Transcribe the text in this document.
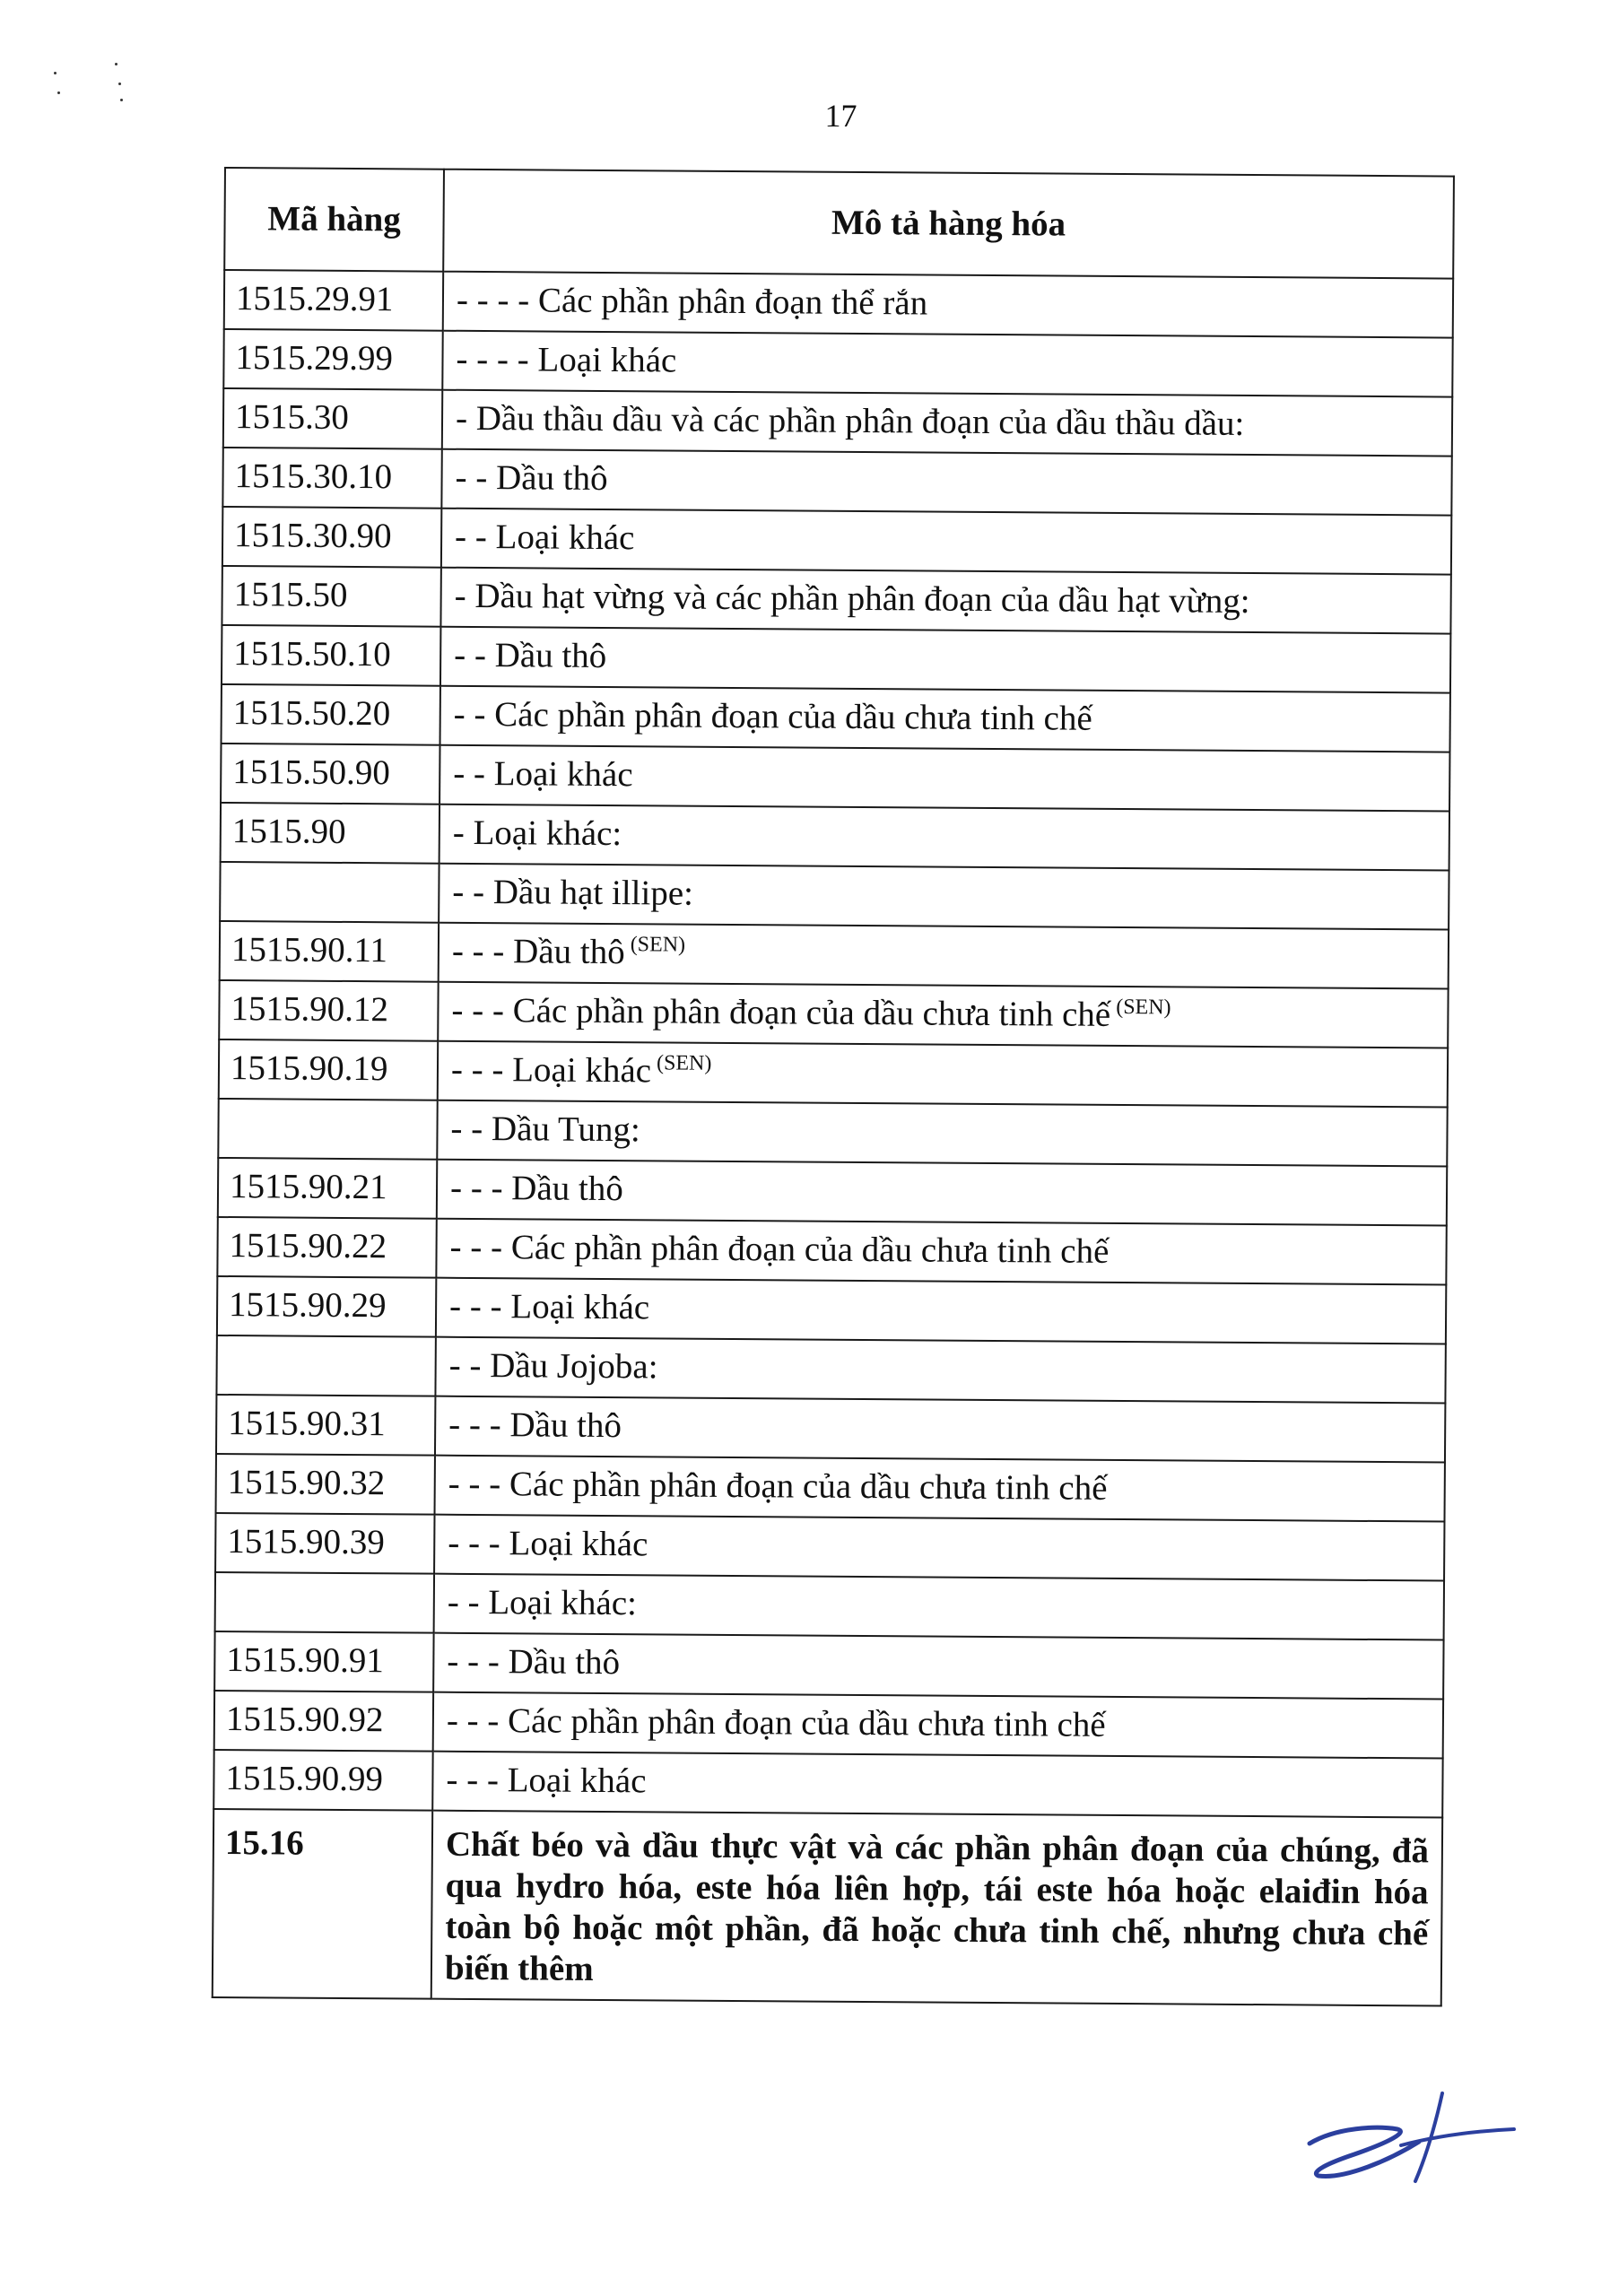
17
Mã hàng	Mô tả hàng hóa
1515.29.91	- - - - Các phần phân đoạn thể rắn
1515.29.99	- - - - Loại khác
1515.30	- Dầu thầu dầu và các phần phân đoạn của dầu thầu dầu:
1515.30.10	- - Dầu thô
1515.30.90	- - Loại khác
1515.50	- Dầu hạt vừng và các phần phân đoạn của dầu hạt vừng:
1515.50.10	- - Dầu thô
1515.50.20	- - Các phần phân đoạn của dầu chưa tinh chế
1515.50.90	- - Loại khác
1515.90	- Loại khác:
	- - Dầu hạt illipe:
1515.90.11	- - - Dầu thô $^{(SEN)}$
1515.90.12	- - - Các phần phân đoạn của dầu chưa tinh chế $^{(SEN)}$
1515.90.19	- - - Loại khác $^{(SEN)}$
	- - Dầu Tung:
1515.90.21	- - - Dầu thô
1515.90.22	- - - Các phần phân đoạn của dầu chưa tinh chế
1515.90.29	- - - Loại khác
	- - Dầu Jojoba:
1515.90.31	- - - Dầu thô
1515.90.32	- - - Các phần phân đoạn của dầu chưa tinh chế
1515.90.39	- - - Loại khác
	- - Loại khác:
1515.90.91	- - - Dầu thô
1515.90.92	- - - Các phần phân đoạn của dầu chưa tinh chế
1515.90.99	- - - Loại khác
15.16	Chất béo và dầu thực vật và các phần phân đoạn của chúng, đã qua hydro hóa, este hóa liên hợp, tái este hóa hoặc elaiđin hóa toàn bộ hoặc một phần, đã hoặc chưa tinh chế, nhưng chưa chế biến thêm
